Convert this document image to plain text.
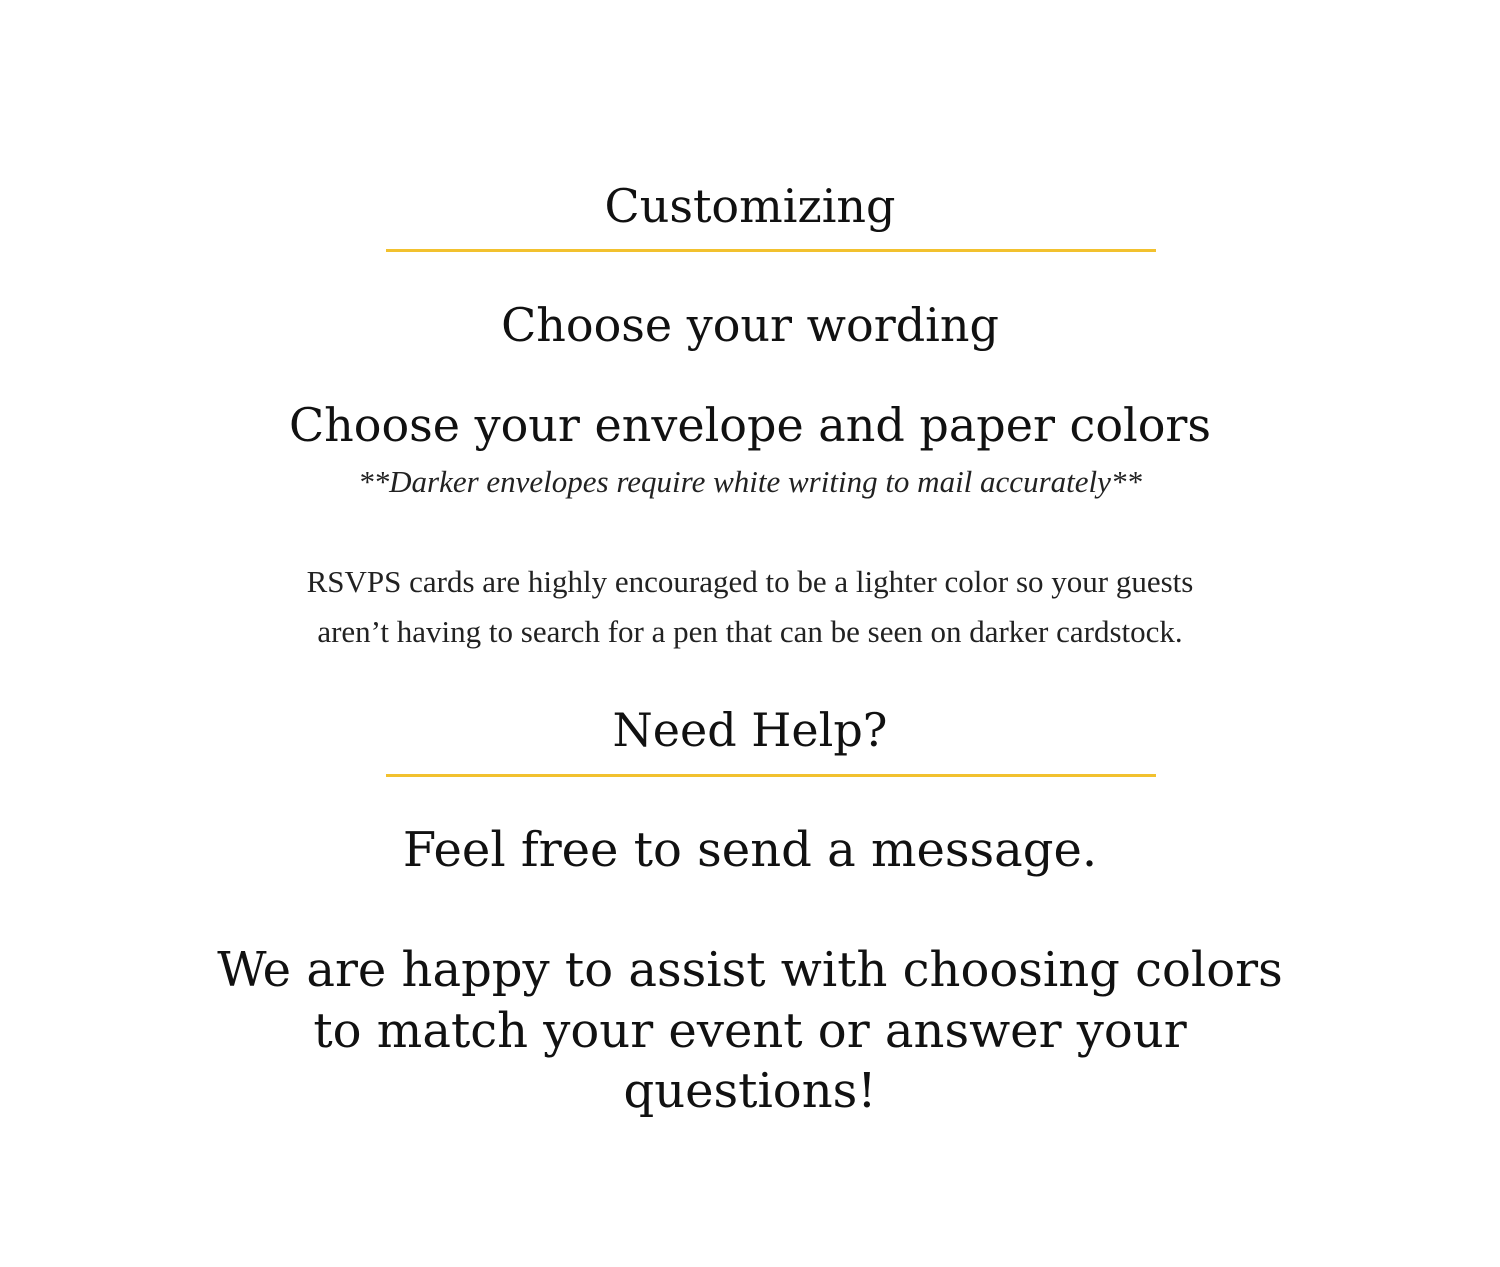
Customizing
Choose your wording
Choose your envelope and paper colors
**Darker envelopes require white writing to mail accurately**
RSVPS cards are highly encouraged to be a lighter color so your guests
aren’t having to search for a pen that can be seen on darker cardstock.
Need Help?
Feel free to send a message.
We are happy to assist with choosing colors
to match your event or answer your
questions!
